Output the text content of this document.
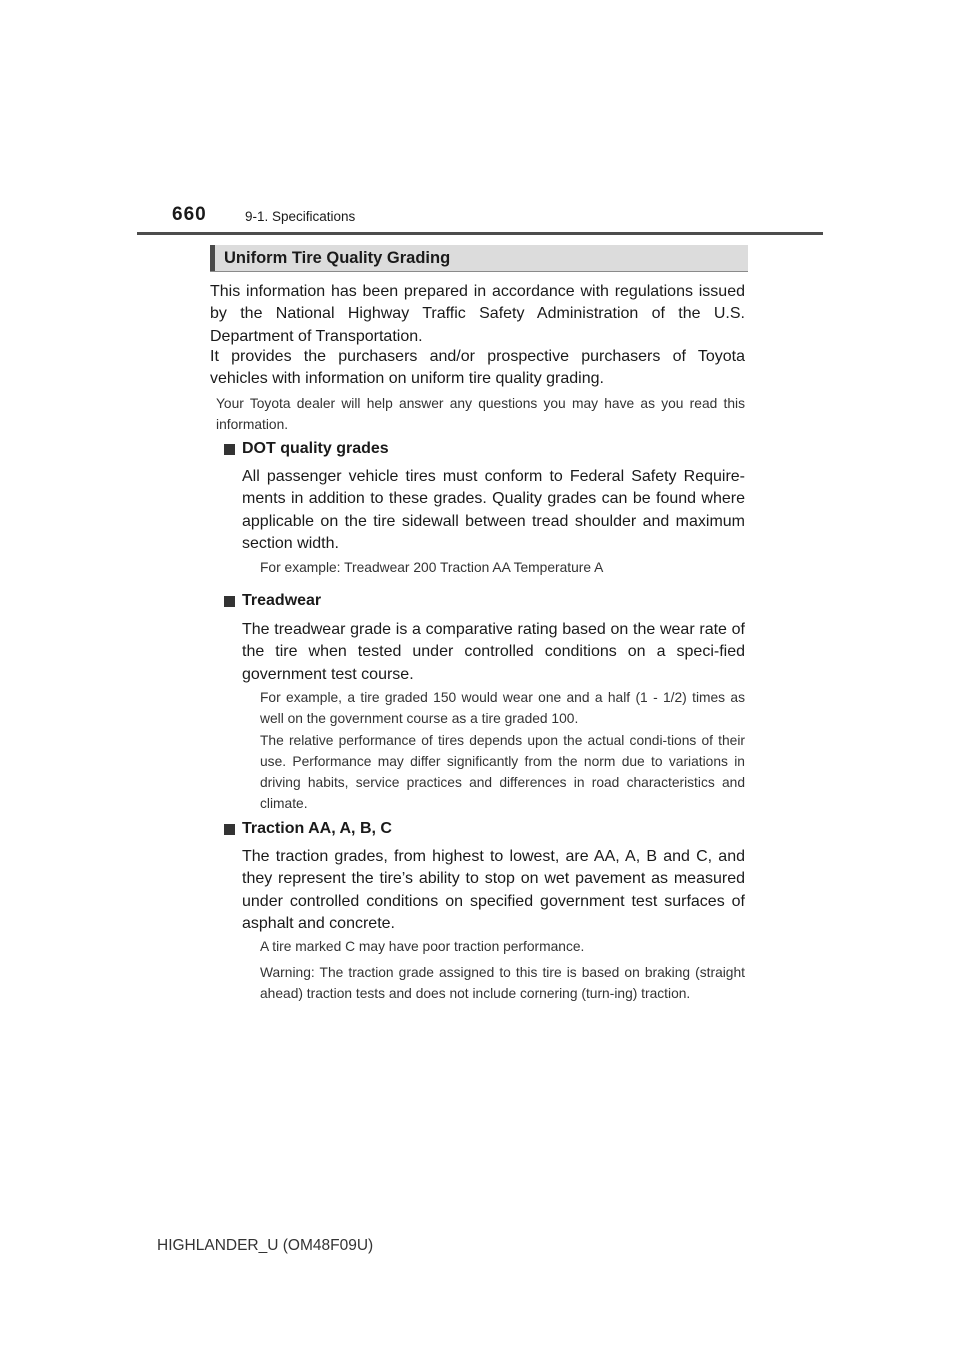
660	9-1. Specifications
Uniform Tire Quality Grading

This information has been prepared in accordance with regulations issued by the National Highway Traffic Safety Administration of the U.S. Department of Transportation.

It provides the purchasers and/or prospective purchasers of Toyota vehicles with information on uniform tire quality grading.

Your Toyota dealer will help answer any questions you may have as you read this information.

DOT quality grades

All passenger vehicle tires must conform to Federal Safety Require-ments in addition to these grades. Quality grades can be found where applicable on the tire sidewall between tread shoulder and maximum section width.

For example: Treadwear 200 Traction AA Temperature A

Treadwear

The treadwear grade is a comparative rating based on the wear rate of the tire when tested under controlled conditions on a speci-fied government test course.

For example, a tire graded 150 would wear one and a half (1 - 1/2) times as well on the government course as a tire graded 100.

The relative performance of tires depends upon the actual condi-tions of their use. Performance may differ significantly from the norm due to variations in driving habits, service practices and differences in road characteristics and climate.

Traction AA, A, B, C

The traction grades, from highest to lowest, are AA, A, B and C, and they represent the tire’s ability to stop on wet pavement as measured under controlled conditions on specified government test surfaces of asphalt and concrete.

A tire marked C may have poor traction performance.

Warning: The traction grade assigned to this tire is based on braking (straight ahead) traction tests and does not include cornering (turn-ing) traction.

HIGHLANDER_U (OM48F09U)
